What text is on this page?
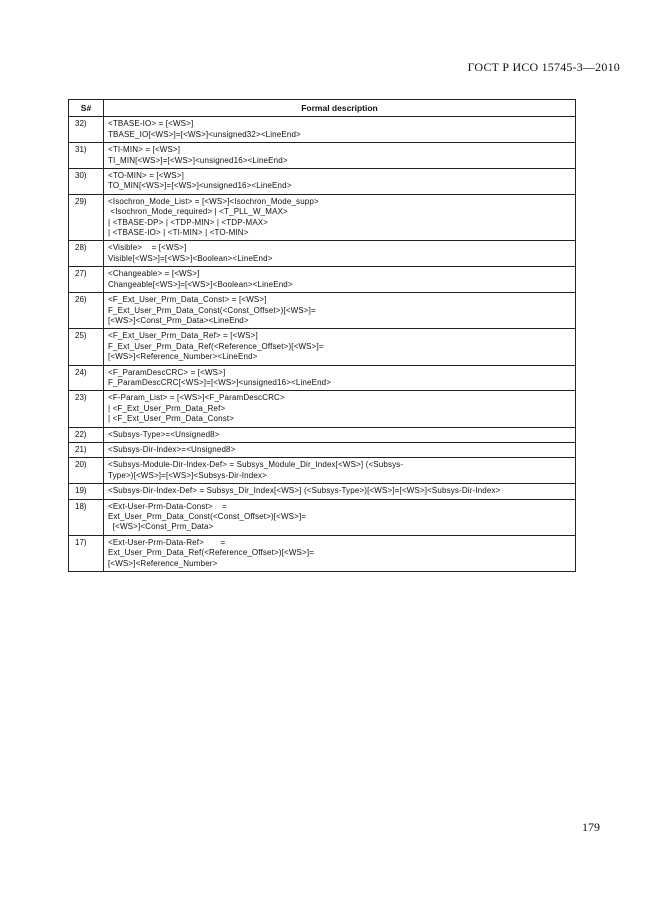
ГОСТ Р ИСО 15745-3—2010
S#	Formal description
32)	<TBASE-IO> = [<WS>]
TBASE_IO[<WS>]=[<WS>]<unsigned32><LineEnd>

31)	<TI-MIN> = [<WS>]
TI_MIN[<WS>]=[<WS>]<unsigned16><LineEnd>

30)	<TO-MIN> = [<WS>]
TO_MIN[<WS>]=[<WS>]<unsigned16><LineEnd>

29)	<Isochron_Mode_List> = [<WS>]<Isochron_Mode_supp>
<Isochron_Mode_required> | <T_PLL_W_MAX>
| <TBASE-DP> | <TDP-MIN> | <TDP-MAX>
| <TBASE-IO> | <TI-MIN> | <TO-MIN>

28)	<Visible>    = [<WS>]
Visible[<WS>]=[<WS>]<Boolean><LineEnd>

27)	<Changeable> = [<WS>]
Changeable[<WS>]=[<WS>]<Boolean><LineEnd>

26)	<F_Ext_User_Prm_Data_Const> = [<WS>]
F_Ext_User_Prm_Data_Const(<Const_Offset>)[<WS>]=
[<WS>]<Const_Prm_Data><LineEnd>

25)	<F_Ext_User_Prm_Data_Ref> = [<WS>]
F_Ext_User_Prm_Data_Ref(<Reference_Offset>)[<WS>]=
[<WS>]<Reference_Number><LineEnd>

24)	<F_ParamDescCRC> = [<WS>]
F_ParamDescCRC[<WS>]=[<WS>]<unsigned16><LineEnd>

23)	<F-Param_List> = [<WS>]<F_ParamDescCRC>
| <F_Ext_User_Prm_Data_Ref>
| <F_Ext_User_Prm_Data_Const>

22)	<Subsys-Type>=<Unsigned8>

21)	<Subsys-Dir-Index>=<Unsigned8>

20)	<Subsys-Module-Dir-Index-Def> = Subsys_Module_Dir_Index[<WS>] (<Subsys-
Type>)[<WS>]=[<WS>]<Subsys-Dir-Index>

19)	<Subsys-Dir-Index-Def> = Subsys_Dir_Index[<WS>] (<Subsys-Type>)[<WS>]=[<WS>]<Subsys-Dir-Index>

18)	<Ext-User-Prm-Data-Const>    =
Ext_User_Prm_Data_Const(<Const_Offset>)[<WS>]=
[<WS>]<Const_Prm_Data>

17)	<Ext-User-Prm-Data-Ref>       =
Ext_User_Prm_Data_Ref(<Reference_Offset>)[<WS>]=
[<WS>]<Reference_Number>
179
